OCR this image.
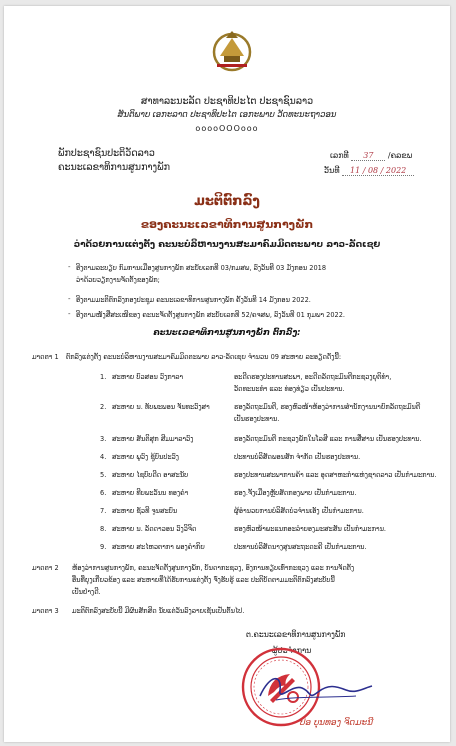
ສາທາລະນະລັດ ປະຊາທິປະໄຕ ປະຊາຊົນລາວ
ສັນຕິພາບ ເອກະລາດ ປະຊາທິປະໄຕ ເອກະພາບ ວັດທະນະຖາວອນ
ooooOOOooo
ພັກປະຊາຊົນປະຕິວັດລາວ
ຄະນະເລຂາທິການສູນກາງພັກ
ເລກທີ 37 /ຄລຂພ
ວັນທີ 11 / 08 / 2022
ມະຕິຕົກລົງ
ຂອງຄະນະເລຂາທິການສູນກາງພັກ
ວ່າດ້ວຍການແຕ່ງຕັ້ງ ຄະນະບໍລິຫານງານສະມາຄົມມິດຕະພາບ ລາວ-ລັດເຊຍ
- ອີງຕາມລະບຽບ ກົມການເມືອງສູນກາງພັກ ສະບັບເລກທີ 03/ກມສພ, ລົງວັນທີ 03 ມັງກອນ 2018
ວ່າດ້ວຍວຽກງານຈັດຕັ້ງຂອງພັກ;
- ອີງຕາມມະຕິຕົກລົງກອງປະຊຸມ ຄະນະເລຂາທິການສູນກາງພັກ ຄັ້ງວັນທີ 14 ມັງກອນ 2022.
- ອີງຕາມໜັງສືສະເໜີຂອງ ຄະນະຈັດຕັ້ງສູນກາງພັກ ສະບັບເລກທີ 52/ຄຈສພ, ລົງວັນທີ 01 ກຸມພາ 2022.
ຄະນະເລຂາທິການສູນກາງພັກ ຕົກລົງ:
ມາດຕາ 1 ຕົກລົງແຕ່ງຕັ້ງ ຄະນະບໍລິຫານງານສະມາຄົມມິດຕະພາບ ລາວ-ລັດເຊຍ ຈຳນວນ 09 ສະຫາຍ ລະອຽດດັ່ງນີ້:
1. ສະຫາຍ ບົວສອນ ວົງກາລາ	ອະດີດຮອງປະທານສະພາ, ອະດີດລັດຖະມົນຕີກະຊວງຍຸຕິທຳ,
ວັດທະນະທຳ ແລະ ທ່ອງທ່ຽວ ເປັນປະທານ.
2. ສະຫາຍ ນ. ທັບພະພອນ ຈັນທະວົງສາ	ຮອງລັດຖະມົນຕີ, ຮອງຫົວໜ້າຫ້ອງວ່າການສຳນັກງານນາຍົກລັດຖະມົນຕີ
ເປັນຮອງປະທານ.
3. ສະຫາຍ ສັນຕິສຸກ ສີມມາລາວົງ	ຮອງລັດຖະມົນຕີ ກະຊວງພັກໃນໂລສີ ແລະ ການສື່ສານ ເປັນຮອງປະທານ.
4. ສະຫາຍ ພູວົງ ຊູ້ບົນປະວົງ	ປະທານບໍລິສັດພອນສັກ ຈຳກັດ ເປັນຮອງປະທານ.
5. ສະຫາຍ ໄຊບົບດີດ ອາສະນັບ	ຮອງປະທານສະພາການຄ້າ ແລະ ອຸດສາຫະກຳແຫ່ງຊາດລາວ ເປັນກຳມະການ.
6. ສະຫາຍ ທີບພະວັນນ ທອງຄຳ	ຮອງ.ຈັ້ງເມືອງຫຼັບສັດກອງພາບ ເປັນກຳມະການ.
7. ສະຫາຍ ຊັວທີ ຈູນສະບົນ	ຜູ້ອຳນວຍການບໍລິສັດບໍວຈຳນເອັງ ເປັນກຳມະການ.
8. ສະຫາຍ ນ. ລັດດາວອນ ວົງວິຈິດ	ຮອງຫົວໜ້າພະແນກອະລຳບອງມະສະສັນ ເປັນກຳມະການ.
9. ສະຫາຍ ສະໄຫວຕາກາ ພອງຄຳກິຍ	ປະທານບໍລິສັດນາງສຸນສະຖະດະຄີ ເປັນກຳມະການ.
ມາດຕາ 2 ຫ້ອງວ່າການສູນກາງພັກ, ຄະນະຈັດຕັ້ງສູນກາງພັກ, ບັນດາກະຊວງ, ອົງການທຽບເທົ່າກະຊວງ ແລະ ການຈັດຕັ້ງ
ອື່ນທີ່ຍຸງເກີ່ຍວຂ້ອງ ແລະ ສະຫາຍທີ່ໄດ້ຮັບການແຕ່ງຕັ້ງ ຈົ່ງຮັບຮູ້ ແລະ ປະຕິບັດຕາມມະຕິຕົກລົງສະບັບນີ້
ເປັນຢ່າງດີ.
ມາດຕາ 3 ມະຕິຕົກລົງສະບັບນີ້ ມີຜົນສັກສິດ ນັບແຕ່ວັນລົງລາຍເຊັນເປັນຕົ້ນໄປ.
ຕ.ຄະນະເລຂາທິການສູນກາງພັກ
ຜູ້ປະຈຳການ
ປອ ບຸນທອງ ຈິດມະນີ
